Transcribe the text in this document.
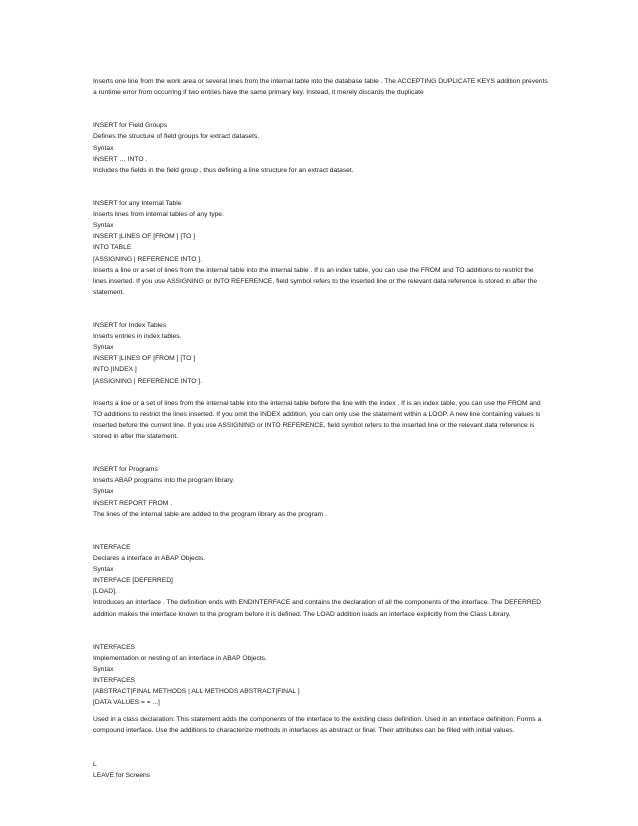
Inserts one line from the work area or several lines from the internal table into the database table . The ACCEPTING DUPLICATE KEYS addition prevents a runtime error from occurring if two entries have the same primary key. Instead, it merely discards the duplicate
INSERT for Field Groups
Defines the structure of field groups for extract datasets.
Syntax
INSERT … INTO .
Includes the fields in the field group , thus defining a line structure for an extract dataset.
INSERT for any Internal Table
Inserts lines from internal tables of any type.
Syntax
INSERT |LINES OF [FROM ] [TO ]
INTO TABLE
[ASSIGNING | REFERENCE INTO ].
Inserts a line or a set of lines from the internal table into the internal table . If is an index table, you can use the FROM and TO additions to restrict the lines inserted. If you use ASSIGNING or INTO REFERENCE, field symbol refers to the inserted line or the relevant data reference is stored in after the statement.
INSERT for Index Tables
Inserts entries in index tables.
Syntax
INSERT |LINES OF [FROM ] [TO ]
INTO [INDEX ]
[ASSIGNING | REFERENCE INTO ].
Inserts a line or a set of lines from the internal table into the internal table before the line with the index . If is an index table, you can use the FROM and TO additions to restrict the lines inserted. If you omit the INDEX addition, you can only use the statement within a LOOP. A new line containing values is inserted before the current line. If you use ASSIGNING or INTO REFERENCE, field symbol refers to the inserted line or the relevant data reference is stored in after the statement.
INSERT for Programs
Inserts ABAP programs into the program library.
Syntax
INSERT REPORT FROM .
The lines of the internal table are added to the program library as the program .
INTERFACE
Declares a interface in ABAP Objects.
Syntax
INTERFACE [DEFERRED]
[LOAD].
Introduces an interface . The definition ends with ENDINTERFACE and contains the declaration of all the components of the interface. The DEFERRED addition makes the interface known to the program before it is defined. The LOAD addition loads an interface explicitly from the Class Library.
INTERFACES
Implementation or nesting of an interface in ABAP Objects.
Syntax
INTERFACES
[ABSTRACT|FINAL METHODS | ALL METHODS ABSTRACT|FINAL ]
[DATA VALUES = = ...]
.
Used in a class declaration: This statement adds the components of the interface to the existing class definition. Used in an interface definition: Forms a compound interface. Use the additions to characterize methods in interfaces as abstract or final. Their attributes can be filled with initial values.
L
LEAVE for Screens
